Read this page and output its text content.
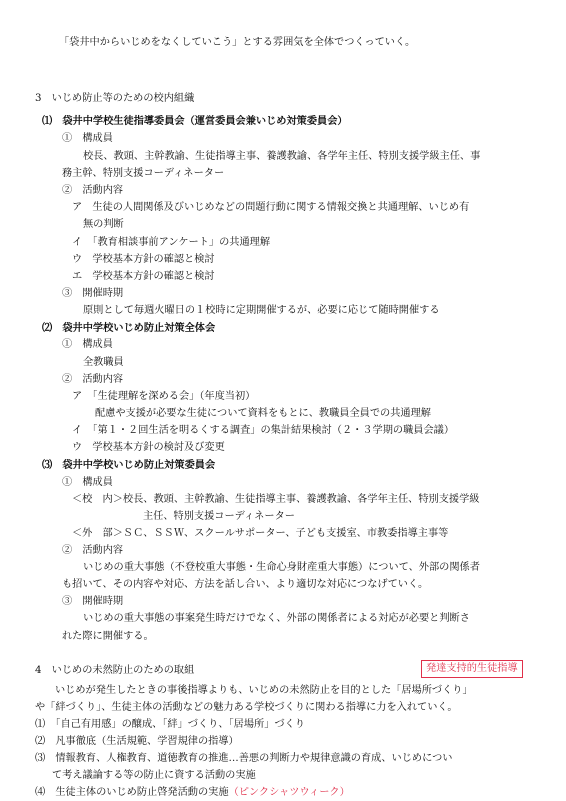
「袋井中からいじめをなくしていこう」とする雰囲気を全体でつくっていく。
3　いじめ防止等のための校内組織
⑴　袋井中学校生徒指導委員会（運営委員会兼いじめ対策委員会）
①　構成員
校長、教頭、主幹教諭、生徒指導主事、養護教諭、各学年主任、特別支援学級主任、事
務主幹、特別支援コーディネーター
②　活動内容
ア　生徒の人間関係及びいじめなどの問題行動に関する情報交換と共通理解、いじめ有
無の判断
イ　「教育相談事前アンケート」の共通理解
ウ　学校基本方針の確認と検討
エ　学校基本方針の確認と検討
③　開催時期
原則として毎週火曜日の１校時に定期開催するが、必要に応じて随時開催する
⑵　袋井中学校いじめ防止対策全体会
①　構成員
全教職員
②　活動内容
ア　「生徒理解を深める会」（年度当初）
配慮や支援が必要な生徒について資料をもとに、教職員全員での共通理解
イ　「第１・２回生活を明るくする調査」の集計結果検討（２・３学期の職員会議）
ウ　学校基本方針の検討及び変更
⑶　袋井中学校いじめ防止対策委員会
①　構成員
＜校　内＞校長、教頭、主幹教諭、生徒指導主事、養護教諭、各学年主任、特別支援学級
主任、特別支援コーディネーター
＜外　部＞ＳＣ、ＳＳＷ、スクールサポーター、子ども支援室、市教委指導主事等
②　活動内容
いじめの重大事態（不登校重大事態・生命心身財産重大事態）について、外部の関係者
も招いて、その内容や対応、方法を話し合い、より適切な対応につなげていく。
③　開催時期
いじめの重大事態の事案発生時だけでなく、外部の関係者による対応が必要と判断さ
れた際に開催する。
4　いじめの未然防止のための取組	発達支持的生徒指導
いじめが発生したときの事後指導よりも、いじめの未然防止を目的とした「居場所づくり」
や「絆づくり」、生徒主体の活動などの魅力ある学校づくりに関わる指導に力を入れていく。
⑴　「自己有用感」の醸成、「絆」づくり、「居場所」づくり
⑵　凡事徹底（生活規範、学習規律の指導）
⑶　情報教育、人権教育、道徳教育の推進…善悪の判断力や規律意識の育成、いじめについ
て考え議論する等の防止に資する活動の実施
⑷　生徒主体のいじめ防止啓発活動の実施（ピンクシャツウィーク）
